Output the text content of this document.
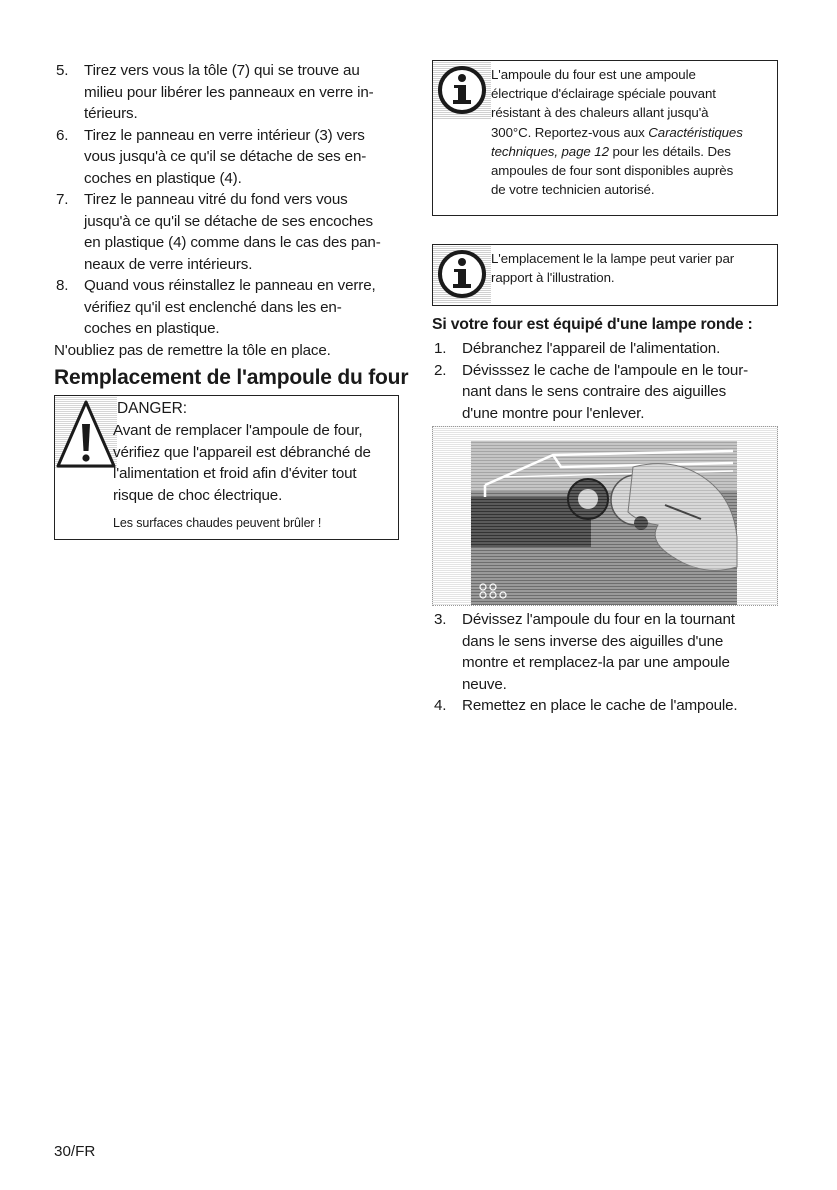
5. Tirez vers vous la tôle (7) qui se trouve au
milieu pour libérer les panneaux en verre in-
térieurs.
6. Tirez le panneau en verre intérieur (3) vers
vous jusqu'à ce qu'il se détache de ses en-
coches en plastique (4).
7. Tirez le panneau vitré du fond vers vous
jusqu'à ce qu'il se détache de ses encoches
en plastique (4) comme dans le cas des pan-
neaux de verre intérieurs.
8. Quand vous réinstallez le panneau en verre,
vérifiez qu'il est enclenché dans les en-
coches en plastique.

N'oubliez pas de remettre la tôle en place.

Remplacement de l'ampoule du four
DANGER:
Avant de remplacer l'ampoule de four,
vérifiez que l'appareil est débranché de
l'alimentation et froid afin d'éviter tout
risque de choc électrique.
Les surfaces chaudes peuvent brûler !
L'ampoule du four est une ampoule
électrique d'éclairage spéciale pouvant
résistant à des chaleurs allant jusqu'à
300°C. Reportez-vous aux Caractéristiques
techniques, page 12 pour les détails. Des
ampoules de four sont disponibles auprès
de votre technicien autorisé.
L'emplacement le la lampe peut varier par
rapport à l'illustration.
Si votre four est équipé d'une lampe ronde :
1. Débranchez l'appareil de l'alimentation.
2. Dévisssez le cache de l'ampoule en le tour-
nant dans le sens contraire des aiguilles
d'une montre pour l'enlever.
3. Dévissez l'ampoule du four en la tournant
dans le sens inverse des aiguilles d'une
montre et remplacez-la par une ampoule
neuve.
4. Remettez en place le cache de l'ampoule.
30/FR
